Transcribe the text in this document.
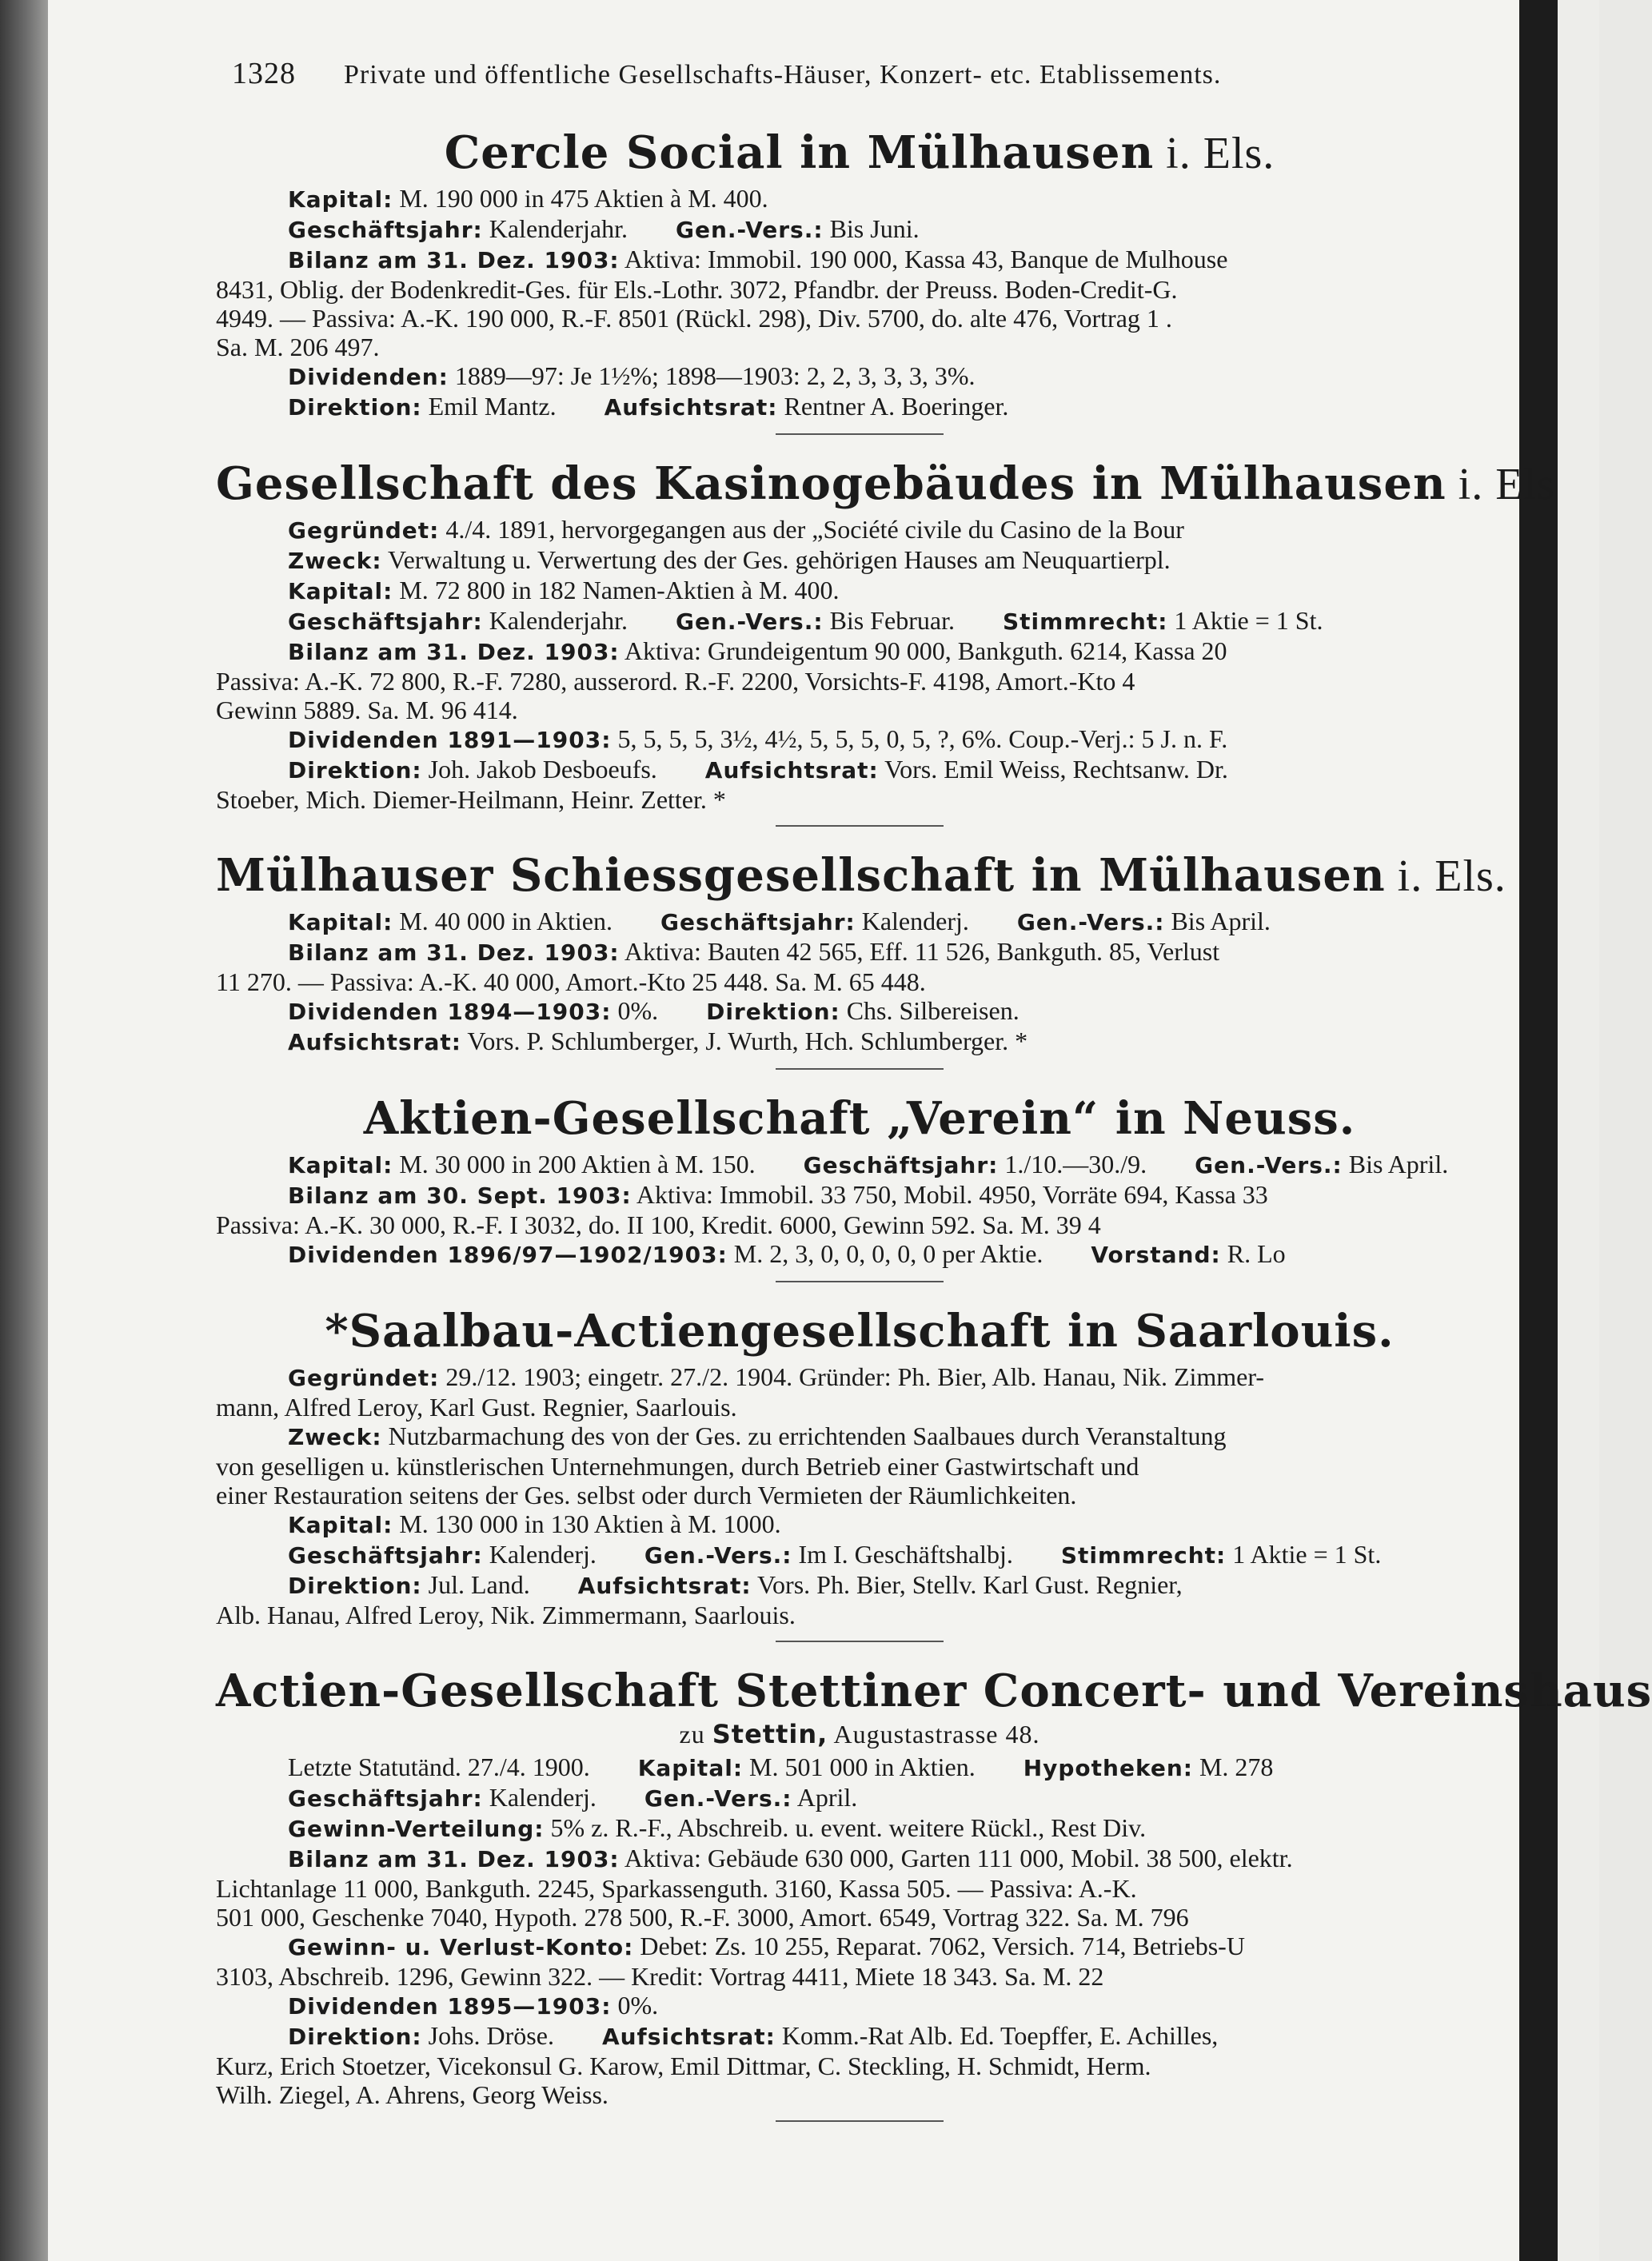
1328 Private und öffentliche Gesellschafts-Häuser, Konzert- etc. Etablissements.
Cercle Social in Mülhausen i. Els.
Kapital: M. 190 000 in 475 Aktien à M. 400.
Geschäftsjahr: Kalenderjahr. Gen.-Vers.: Bis Juni.
Bilanz am 31. Dez. 1903: Aktiva: Immobil. 190 000, Kassa 43, Banque de Mulhouse
8431, Oblig. der Bodenkredit-Ges. für Els.-Lothr. 3072, Pfandbr. der Preuss. Boden-Credit-G.
4949. — Passiva: A.-K. 190 000, R.-F. 8501 (Rückl. 298), Div. 5700, do. alte 476, Vortrag 1 .
Sa. M. 206 497.
Dividenden: 1889—97: Je 1½%; 1898—1903: 2, 2, 3, 3, 3, 3%.
Direktion: Emil Mantz. Aufsichtsrat: Rentner A. Boeringer.
Gesellschaft des Kasinogebäudes in Mülhausen i. Els
Gegründet: 4./4. 1891, hervorgegangen aus der „Société civile du Casino de la Bour
Zweck: Verwaltung u. Verwertung des der Ges. gehörigen Hauses am Neuquartierpl.
Kapital: M. 72 800 in 182 Namen-Aktien à M. 400.
Geschäftsjahr: Kalenderjahr. Gen.-Vers.: Bis Februar. Stimmrecht: 1 Aktie = 1 St.
Bilanz am 31. Dez. 1903: Aktiva: Grundeigentum 90 000, Bankguth. 6214, Kassa 20
Passiva: A.-K. 72 800, R.-F. 7280, ausserord. R.-F. 2200, Vorsichts-F. 4198, Amort.-Kto 4
Gewinn 5889. Sa. M. 96 414.
Dividenden 1891—1903: 5, 5, 5, 5, 3½, 4½, 5, 5, 5, 0, 5, ?, 6%. Coup.-Verj.: 5 J. n. F.
Direktion: Joh. Jakob Desboeufs. Aufsichtsrat: Vors. Emil Weiss, Rechtsanw. Dr.
Stoeber, Mich. Diemer-Heilmann, Heinr. Zetter. *
Mülhauser Schiessgesellschaft in Mülhausen i. Els.
Kapital: M. 40 000 in Aktien. Geschäftsjahr: Kalenderj. Gen.-Vers.: Bis April.
Bilanz am 31. Dez. 1903: Aktiva: Bauten 42 565, Eff. 11 526, Bankguth. 85, Verlust
11 270. — Passiva: A.-K. 40 000, Amort.-Kto 25 448. Sa. M. 65 448.
Dividenden 1894—1903: 0%. Direktion: Chs. Silbereisen.
Aufsichtsrat: Vors. P. Schlumberger, J. Wurth, Hch. Schlumberger. *
Aktien-Gesellschaft „Verein“ in Neuss.
Kapital: M. 30 000 in 200 Aktien à M. 150. Geschäftsjahr: 1./10.—30./9. Gen.-Vers.: Bis April.
Bilanz am 30. Sept. 1903: Aktiva: Immobil. 33 750, Mobil. 4950, Vorräte 694, Kassa 33
Passiva: A.-K. 30 000, R.-F. I 3032, do. II 100, Kredit. 6000, Gewinn 592. Sa. M. 39 4
Dividenden 1896/97—1902/1903: M. 2, 3, 0, 0, 0, 0, 0 per Aktie. Vorstand: R. Lo
*Saalbau-Actiengesellschaft in Saarlouis.
Gegründet: 29./12. 1903; eingetr. 27./2. 1904. Gründer: Ph. Bier, Alb. Hanau, Nik. Zimmer-
mann, Alfred Leroy, Karl Gust. Regnier, Saarlouis.
Zweck: Nutzbarmachung des von der Ges. zu errichtenden Saalbaues durch Veranstaltung
von geselligen u. künstlerischen Unternehmungen, durch Betrieb einer Gastwirtschaft und
einer Restauration seitens der Ges. selbst oder durch Vermieten der Räumlichkeiten.
Kapital: M. 130 000 in 130 Aktien à M. 1000.
Geschäftsjahr: Kalenderj. Gen.-Vers.: Im I. Geschäftshalbj. Stimmrecht: 1 Aktie = 1 St.
Direktion: Jul. Land. Aufsichtsrat: Vors. Ph. Bier, Stellv. Karl Gust. Regnier,
Alb. Hanau, Alfred Leroy, Nik. Zimmermann, Saarlouis.
Actien-Gesellschaft Stettiner Concert- und Vereinshaus
zu Stettin, Augustastrasse 48.
Letzte Statutänd. 27./4. 1900. Kapital: M. 501 000 in Aktien. Hypotheken: M. 278
Geschäftsjahr: Kalenderj. Gen.-Vers.: April.
Gewinn-Verteilung: 5% z. R.-F., Abschreib. u. event. weitere Rückl., Rest Div.
Bilanz am 31. Dez. 1903: Aktiva: Gebäude 630 000, Garten 111 000, Mobil. 38 500, elektr.
Lichtanlage 11 000, Bankguth. 2245, Sparkassenguth. 3160, Kassa 505. — Passiva: A.-K.
501 000, Geschenke 7040, Hypoth. 278 500, R.-F. 3000, Amort. 6549, Vortrag 322. Sa. M. 796
Gewinn- u. Verlust-Konto: Debet: Zs. 10 255, Reparat. 7062, Versich. 714, Betriebs-U
3103, Abschreib. 1296, Gewinn 322. — Kredit: Vortrag 4411, Miete 18 343. Sa. M. 22
Dividenden 1895—1903: 0%.
Direktion: Johs. Dröse. Aufsichtsrat: Komm.-Rat Alb. Ed. Toepffer, E. Achilles,
Kurz, Erich Stoetzer, Vicekonsul G. Karow, Emil Dittmar, C. Steckling, H. Schmidt, Herm.
Wilh. Ziegel, A. Ahrens, Georg Weiss.
